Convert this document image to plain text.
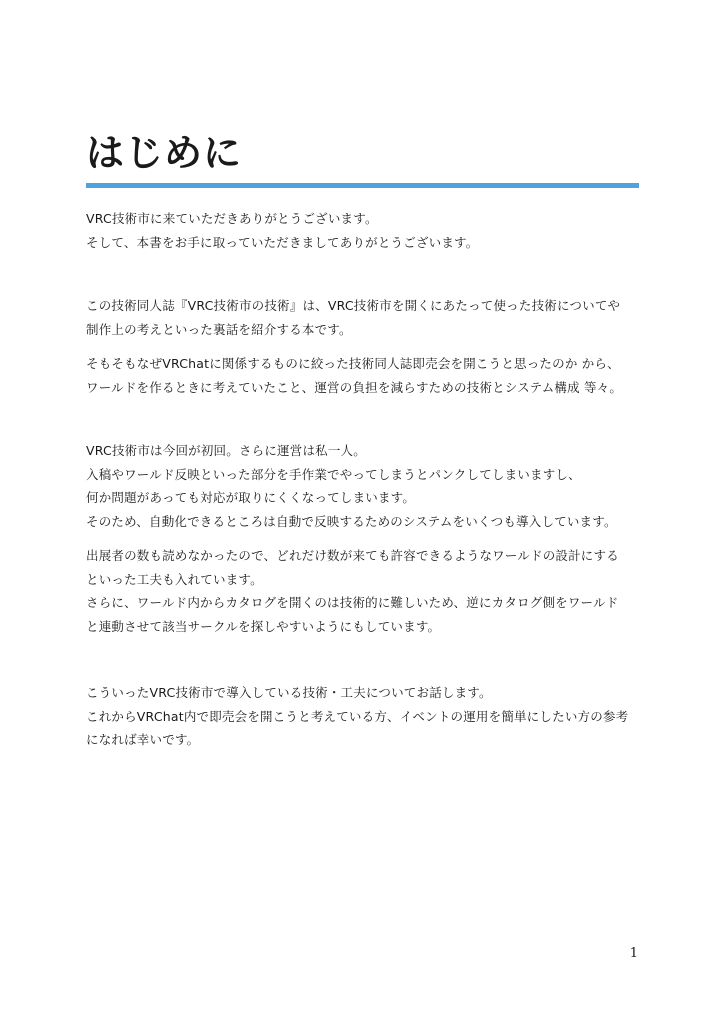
はじめに

VRC技術市に来ていただきありがとうございます。
そして、本書をお手に取っていただきましてありがとうございます。

この技術同人誌『VRC技術市の技術』は、VRC技術市を開くにあたって使った技術についてや
制作上の考えといった裏話を紹介する本です。

そもそもなぜVRChatに関係するものに絞った技術同人誌即売会を開こうと思ったのか から、
ワールドを作るときに考えていたこと、運営の負担を減らすための技術とシステム構成 等々。

VRC技術市は今回が初回。さらに運営は私一人。
入稿やワールド反映といった部分を手作業でやってしまうとパンクしてしまいますし、
何か問題があっても対応が取りにくくなってしまいます。
そのため、自動化できるところは自動で反映するためのシステムをいくつも導入しています。

出展者の数も読めなかったので、どれだけ数が来ても許容できるようなワールドの設計にする
といった工夫も入れています。
さらに、ワールド内からカタログを開くのは技術的に難しいため、逆にカタログ側をワールド
と連動させて該当サークルを探しやすいようにもしています。

こういったVRC技術市で導入している技術・工夫についてお話します。
これからVRChat内で即売会を開こうと考えている方、イベントの運用を簡単にしたい方の参考
になれば幸いです。

1
